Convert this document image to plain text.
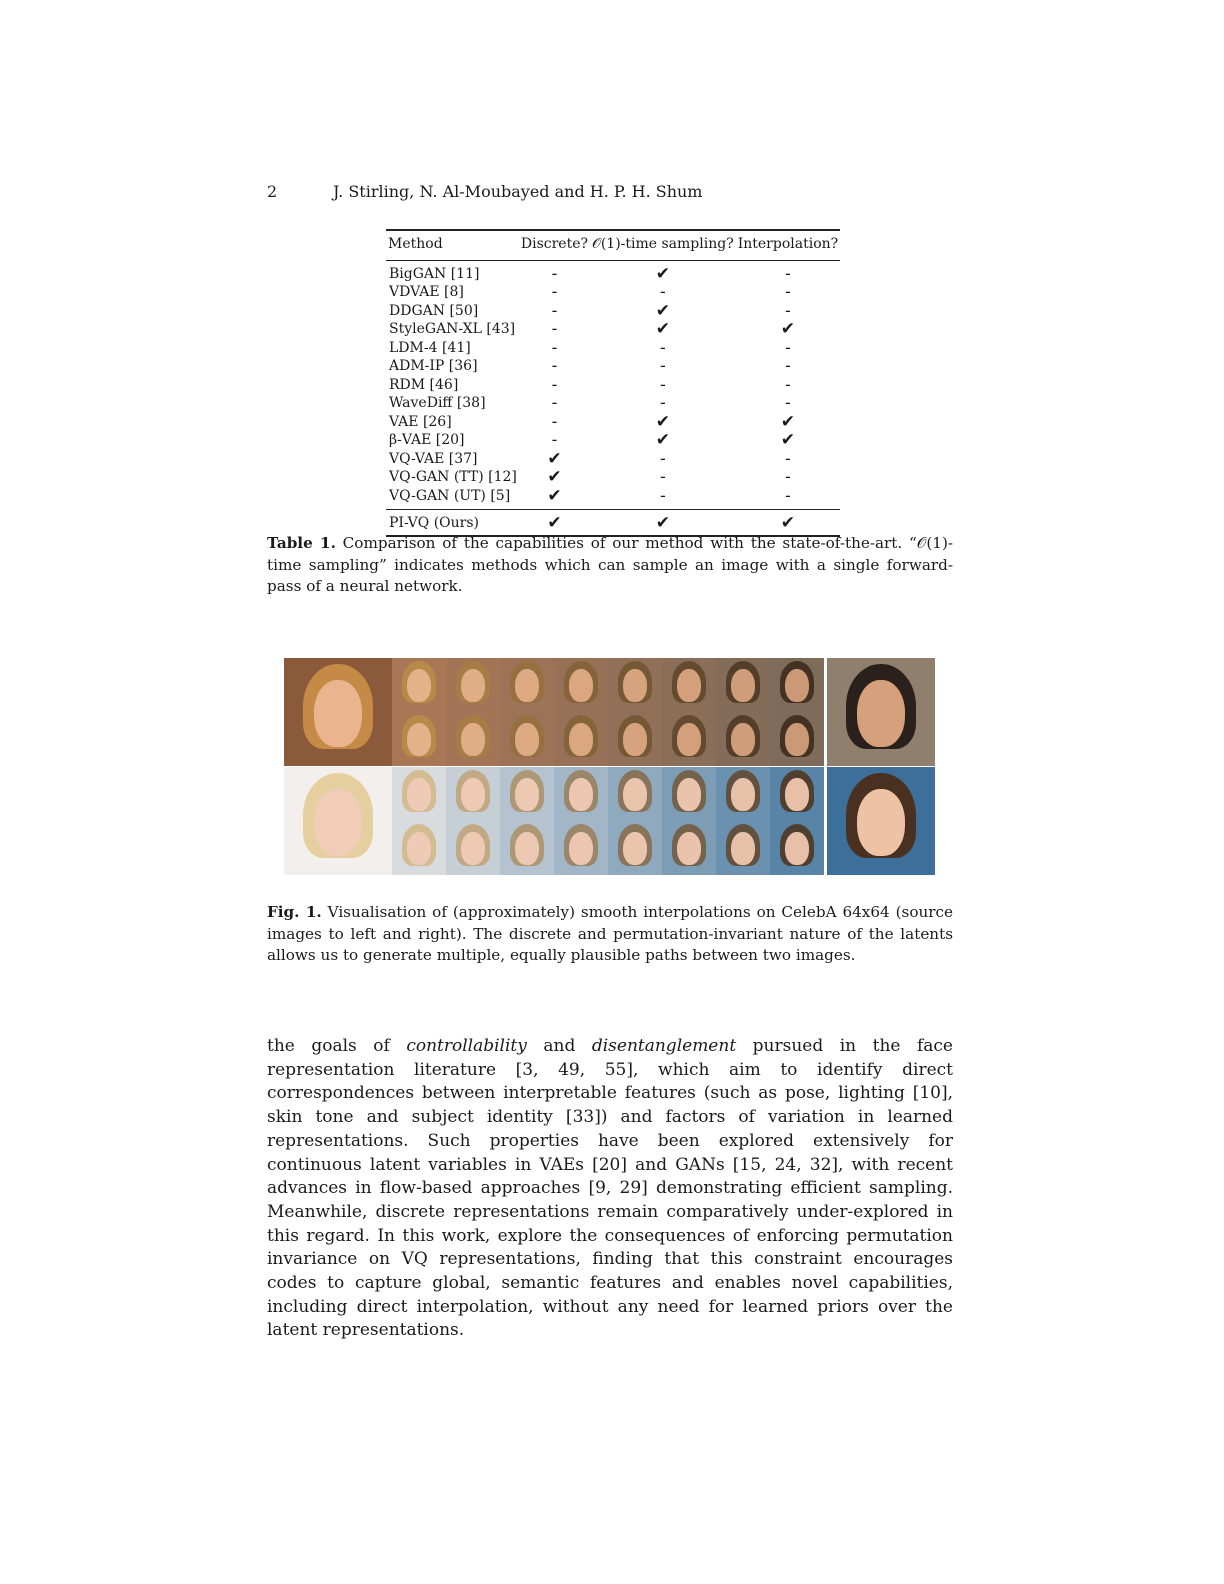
2	J. Stirling, N. Al-Moubayed and H. P. H. Shum
Method	Discrete?	𝒪(1)-time sampling?	Interpolation?
BigGAN [11]	-	✔	-
VDVAE [8]	-	-	-
DDGAN [50]	-	✔	-
StyleGAN-XL [43]	-	✔	✔
LDM-4 [41]	-	-	-
ADM-IP [36]	-	-	-
RDM [46]	-	-	-
WaveDiff [38]	-	-	-
VAE [26]	-	✔	✔
β-VAE [20]	-	✔	✔
VQ-VAE [37]	✔	-	-
VQ-GAN (TT) [12]	✔	-	-
VQ-GAN (UT) [5]	✔	-	-
PI-VQ (Ours)	✔	✔	✔
Table 1. Comparison of the capabilities of our method with the state-of-the-art. “𝒪(1)-time sampling” indicates methods which can sample an image with a single forward-pass of a neural network.
Fig. 1. Visualisation of (approximately) smooth interpolations on CelebA 64x64 (source images to left and right). The discrete and permutation-invariant nature of the latents allows us to generate multiple, equally plausible paths between two images.
the goals of controllability and disentanglement pursued in the face representation literature [3, 49, 55], which aim to identify direct correspondences between interpretable features (such as pose, lighting [10], skin tone and subject identity [33]) and factors of variation in learned representations. Such properties have been explored extensively for continuous latent variables in VAEs [20] and GANs [15, 24, 32], with recent advances in flow-based approaches [9, 29] demonstrating efficient sampling. Meanwhile, discrete representations remain comparatively under-explored in this regard. In this work, explore the consequences of enforcing permutation invariance on VQ representations, finding that this constraint encourages codes to capture global, semantic features and enables novel capabilities, including direct interpolation, without any need for learned priors over the latent representations.
